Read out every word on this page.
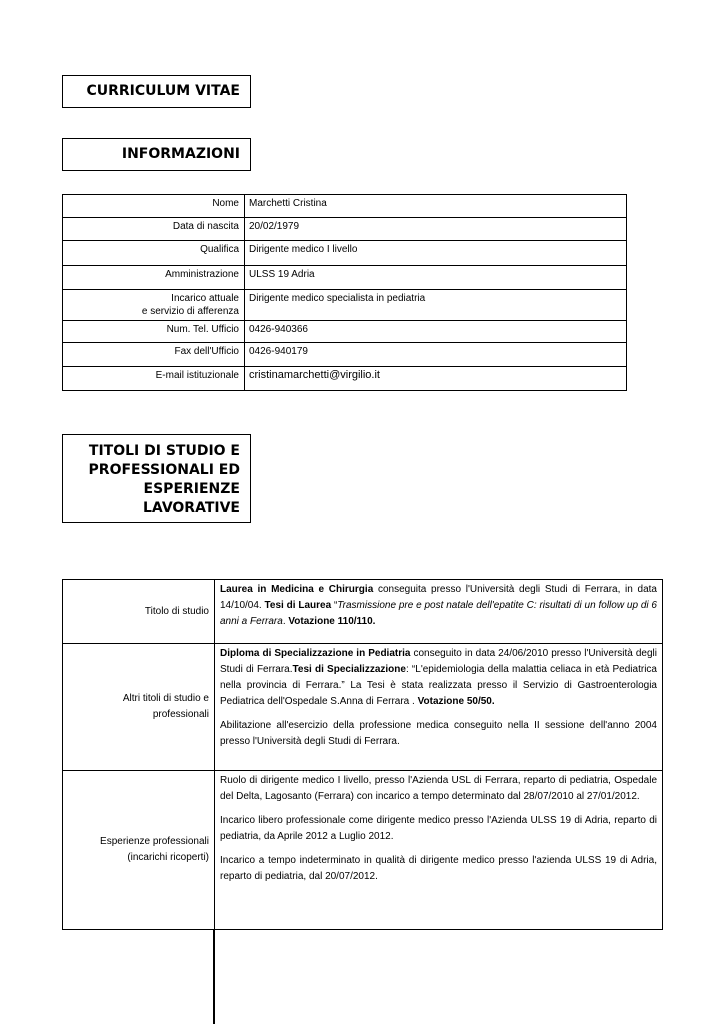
CURRICULUM VITAE
INFORMAZIONI
TITOLI DI STUDIO E
PROFESSIONALI ED
ESPERIENZE
LAVORATIVE
Nome	Marchetti Cristina
Data di nascita	20/02/1979
Qualifica	Dirigente medico I livello
Amministrazione	ULSS 19 Adria

Incarico attuale
e servizio di afferenza	Dirigente medico specialista in pediatria
Num. Tel. Ufficio	0426-940366
Fax dell'Ufficio	0426-940179
E-mail istituzionale	cristinamarchetti@virgilio.it
Titolo di studio	Laurea in Medicina e Chirurgia conseguita presso l'Università degli Studi di Ferrara, in data 14/10/04. Tesi di Laurea “Trasmissione pre e post natale dell'epatite C: risultati di un follow up di 6 anni a Ferrara. Votazione 110/110.
Altri titoli di studio e professionali	Diploma di Specializzazione in Pediatria conseguito in data 24/06/2010 presso l'Università degli Studi di Ferrara.Tesi di Specializzazione: “L'epidemiologia della malattia celiaca in età Pediatrica nella provincia di Ferrara.” La Tesi è stata realizzata presso il Servizio di Gastroenterologia Pediatrica dell'Ospedale S.Anna di Ferrara . Votazione 50/50.
Abilitazione all'esercizio della professione medica conseguito nella II sessione dell'anno 2004 presso l'Università degli Studi di Ferrara.

Esperienze professionali (incarichi ricoperti)	Ruolo di dirigente medico I livello, presso l'Azienda USL di Ferrara, reparto di pediatria, Ospedale del Delta, Lagosanto (Ferrara) con incarico a tempo determinato dal 28/07/2010 al 27/01/2012.
Incarico libero professionale come dirigente medico presso l'Azienda ULSS 19 di Adria, reparto di pediatria, da Aprile 2012 a Luglio 2012.
Incarico a tempo indeterminato in qualità di dirigente medico presso l'azienda ULSS 19 di Adria, reparto di pediatria, dal 20/07/2012.
